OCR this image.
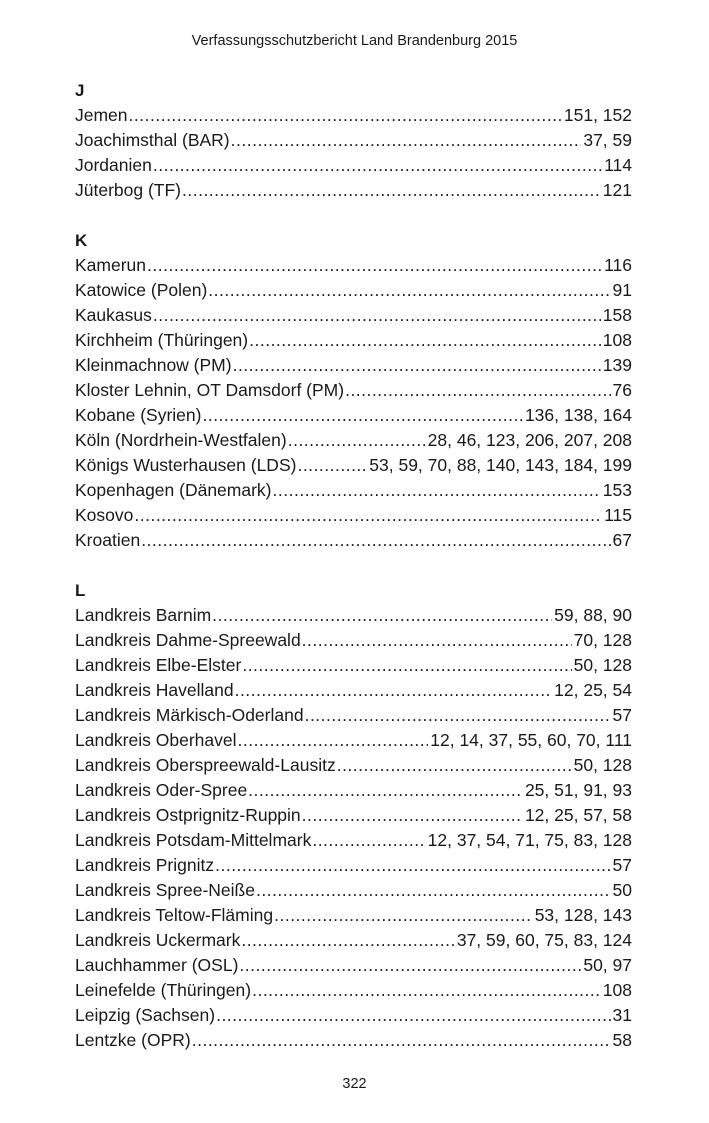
Verfassungsschutzbericht Land Brandenburg 2015
J
Jemen .....	151, 152
Joachimsthal (BAR) .....	37, 59
Jordanien .....	114
Jüterbog (TF) .....	121
K
Kamerun .....	116
Katowice (Polen) .....	91
Kaukasus .....	158
Kirchheim (Thüringen) .....	108
Kleinmachnow (PM) .....	139
Kloster Lehnin, OT Damsdorf (PM) .....	76
Kobane (Syrien) .....	136, 138, 164
Köln (Nordrhein-Westfalen) .....	28, 46, 123, 206, 207, 208
Königs Wusterhausen (LDS) .....	53, 59, 70, 88, 140, 143, 184, 199
Kopenhagen (Dänemark) .....	153
Kosovo .....	115
Kroatien .....	67
L
Landkreis Barnim .....	59, 88, 90
Landkreis Dahme-Spreewald .....	70, 128
Landkreis Elbe-Elster .....	50, 128
Landkreis Havelland .....	12, 25, 54
Landkreis Märkisch-Oderland .....	57
Landkreis Oberhavel .....	12, 14, 37, 55, 60, 70, 111
Landkreis Oberspreewald-Lausitz .....	50, 128
Landkreis Oder-Spree .....	25, 51, 91, 93
Landkreis Ostprignitz-Ruppin .....	12, 25, 57, 58
Landkreis Potsdam-Mittelmark .....	12, 37, 54, 71, 75, 83, 128
Landkreis Prignitz .....	57
Landkreis Spree-Neiße .....	50
Landkreis Teltow-Fläming .....	53, 128, 143
Landkreis Uckermark .....	37, 59, 60, 75, 83, 124
Lauchhammer (OSL) .....	50, 97
Leinefelde (Thüringen) .....	108
Leipzig (Sachsen) .....	31
Lentzke (OPR) .....	58
322
